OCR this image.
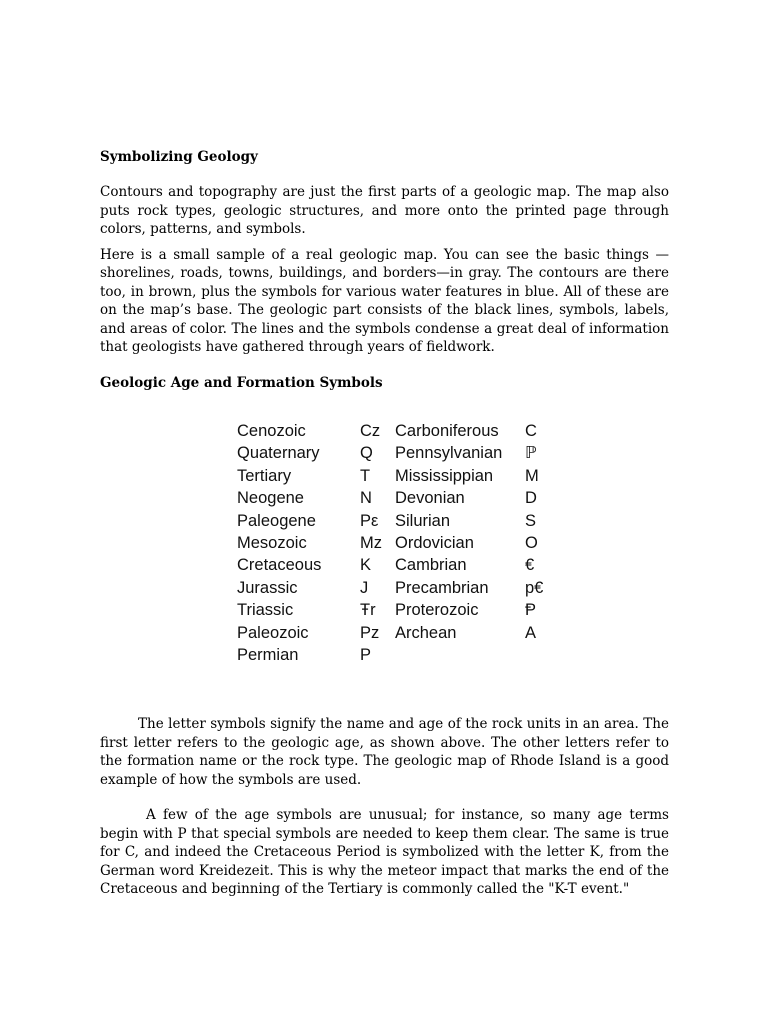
Symbolizing Geology

Contours and topography are just the first parts of a geologic map. The map also puts rock types, geologic structures, and more onto the printed page through colors, patterns, and symbols.

Here is a small sample of a real geologic map. You can see the basic things —shorelines, roads, towns, buildings, and borders—in gray. The contours are there too, in brown, plus the symbols for various water features in blue. All of these are on the map’s base. The geologic part consists of the black lines, symbols, labels, and areas of color. The lines and the symbols condense a great deal of information that geologists have gathered through years of fieldwork.

Geologic Age and Formation Symbols

Cenozoic
Quaternary
Tertiary
Neogene
Paleogene
Mesozoic
Cretaceous
Jurassic
Triassic
Paleozoic
Permian
Cz
Q
T
N
Pε
Mz
K
J
Ŧr
Pz
P
Carboniferous
Pennsylvanian
Mississippian
Devonian
Silurian
Ordovician
Cambrian
Precambrian
Proterozoic
Archean
C
ℙ
M
D
S
O
€
p€
Ᵽ
A

The letter symbols signify the name and age of the rock units in an area. The first letter refers to the geologic age, as shown above. The other letters refer to the formation name or the rock type. The geologic map of Rhode Island is a good example of how the symbols are used.

A few of the age symbols are unusual; for instance, so many age terms begin with P that special symbols are needed to keep them clear. The same is true for C, and indeed the Cretaceous Period is symbolized with the letter K, from the German word Kreidezeit. This is why the meteor impact that marks the end of the Cretaceous and beginning of the Tertiary is commonly called the "K-T event."
